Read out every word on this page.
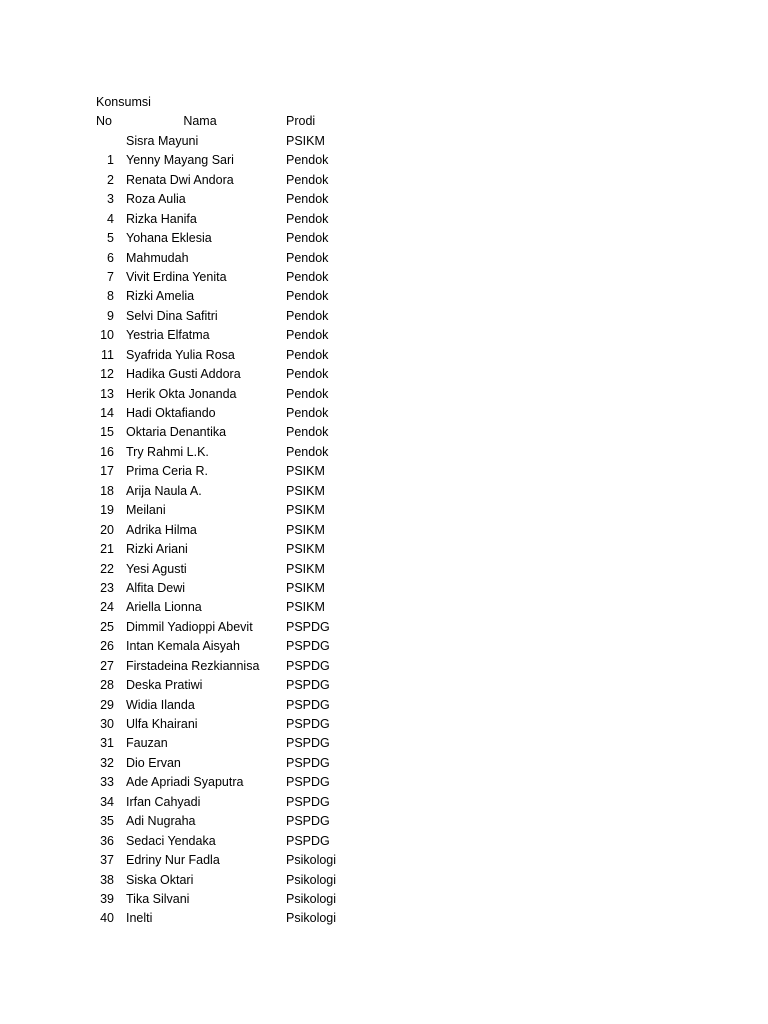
Konsumsi
No	Nama	Prodi
Sisra Mayuni	PSIKM
1 Yenny Mayang Sari	Pendok
2 Renata Dwi Andora	Pendok
3 Roza Aulia	Pendok
4 Rizka Hanifa	Pendok
5 Yohana Eklesia	Pendok
6 Mahmudah	Pendok
7 Vivit Erdina Yenita	Pendok
8 Rizki Amelia	Pendok
9 Selvi Dina Safitri	Pendok
10 Yestria Elfatma	Pendok
11 Syafrida Yulia Rosa	Pendok
12 Hadika Gusti Addora	Pendok
13 Herik Okta Jonanda	Pendok
14 Hadi Oktafiando	Pendok
15 Oktaria Denantika	Pendok
16 Try Rahmi L.K.	Pendok
17 Prima Ceria R.	PSIKM
18 Arija Naula A.	PSIKM
19 Meilani	PSIKM
20 Adrika Hilma	PSIKM
21 Rizki Ariani	PSIKM
22 Yesi Agusti	PSIKM
23 Alfita Dewi	PSIKM
24 Ariella Lionna	PSIKM
25 Dimmil Yadioppi Abevit	PSPDG
26 Intan Kemala Aisyah	PSPDG
27 Firstadeina Rezkiannisa PSPDG
28 Deska Pratiwi	PSPDG
29 Widia Ilanda	PSPDG
30 Ulfa Khairani	PSPDG
31 Fauzan	PSPDG
32 Dio Ervan	PSPDG
33 Ade Apriadi Syaputra	PSPDG
34 Irfan Cahyadi	PSPDG
35 Adi Nugraha	PSPDG
36 Sedaci Yendaka	PSPDG
37 Edriny Nur Fadla	Psikologi
38 Siska Oktari	Psikologi
39 Tika Silvani	Psikologi
40 Inelti	Psikologi
